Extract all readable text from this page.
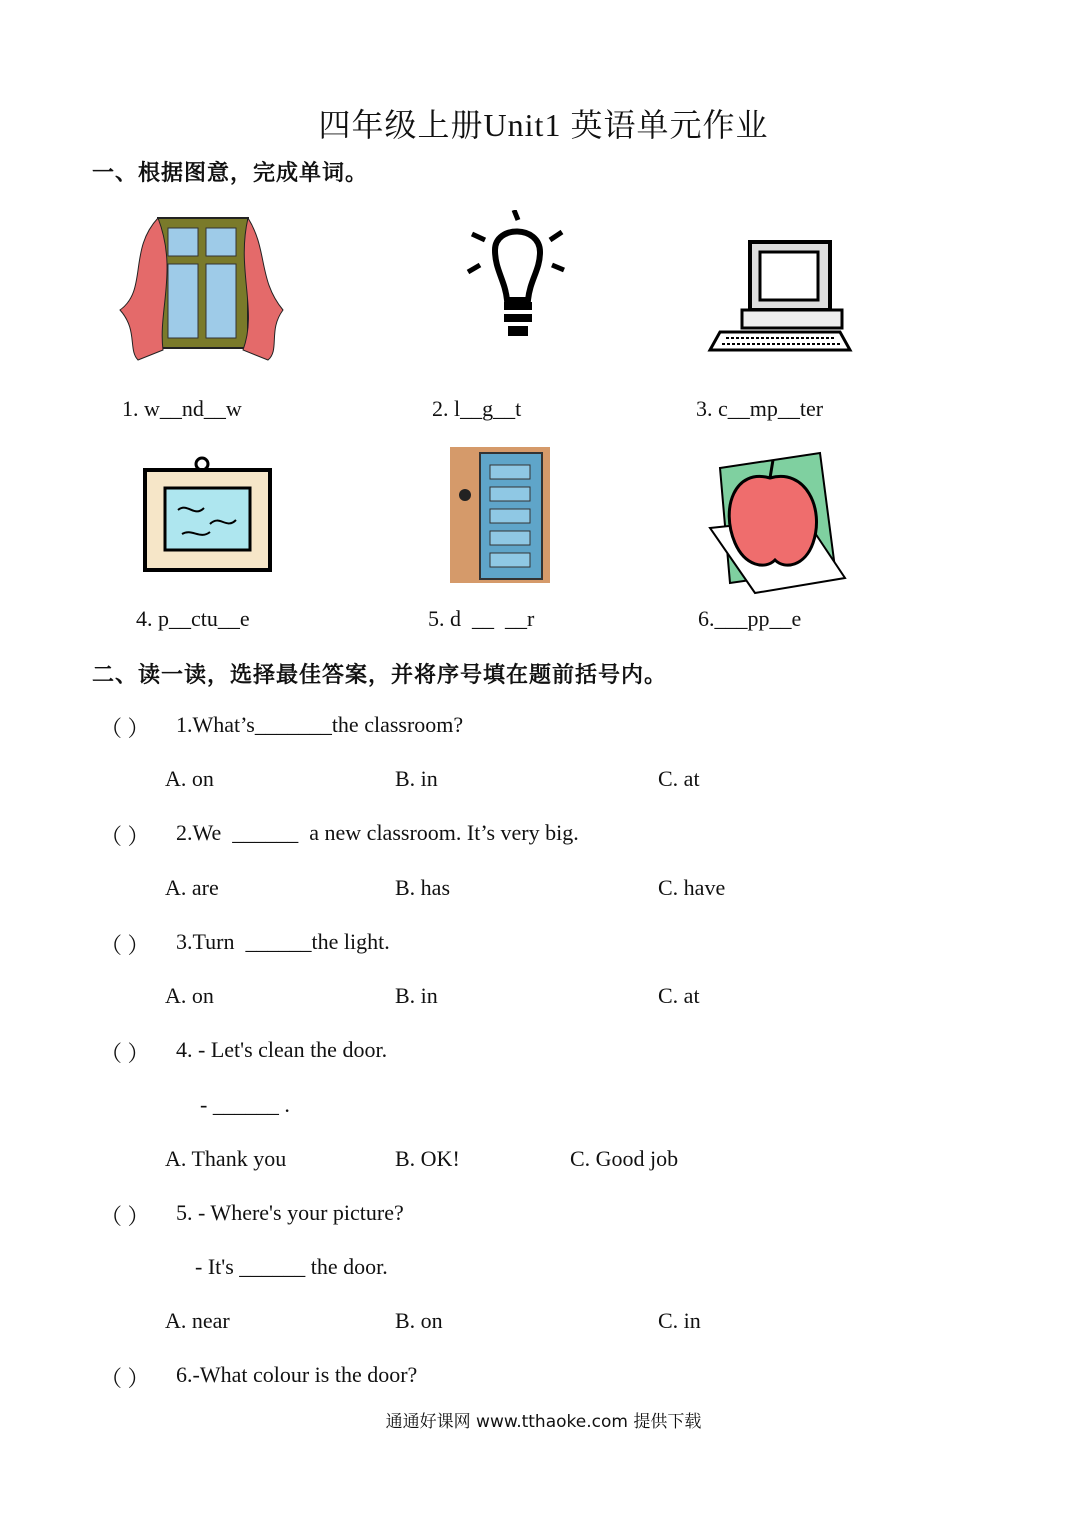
四年级上册Unit1 英语单元作业
一、根据图意，完成单词。
1. w__nd__w	2. l__g__t	3. c__mp__ter
4. p__ctu__e	5. d  __  __r	6.___pp__e
二、读一读，选择最佳答案，并将序号填在题前括号内。
（ ） 1.What’s_______the classroom?
A. on	B. in	C. at
（ ） 2.We  ______  a new classroom. It’s very big.
A. are	B. has	C. have
（ ） 3.Turn  ______the light.
A. on	B. in	C. at
（ ） 4. - Let's clean the door.
- ______ .
A. Thank you	B. OK!	C. Good job
（ ） 5. - Where's your picture?
- It's ______ the door.
A. near	B. on	C. in
（ ） 6.-What colour is the door?
通通好课网 www.tthaoke.com 提供下载
